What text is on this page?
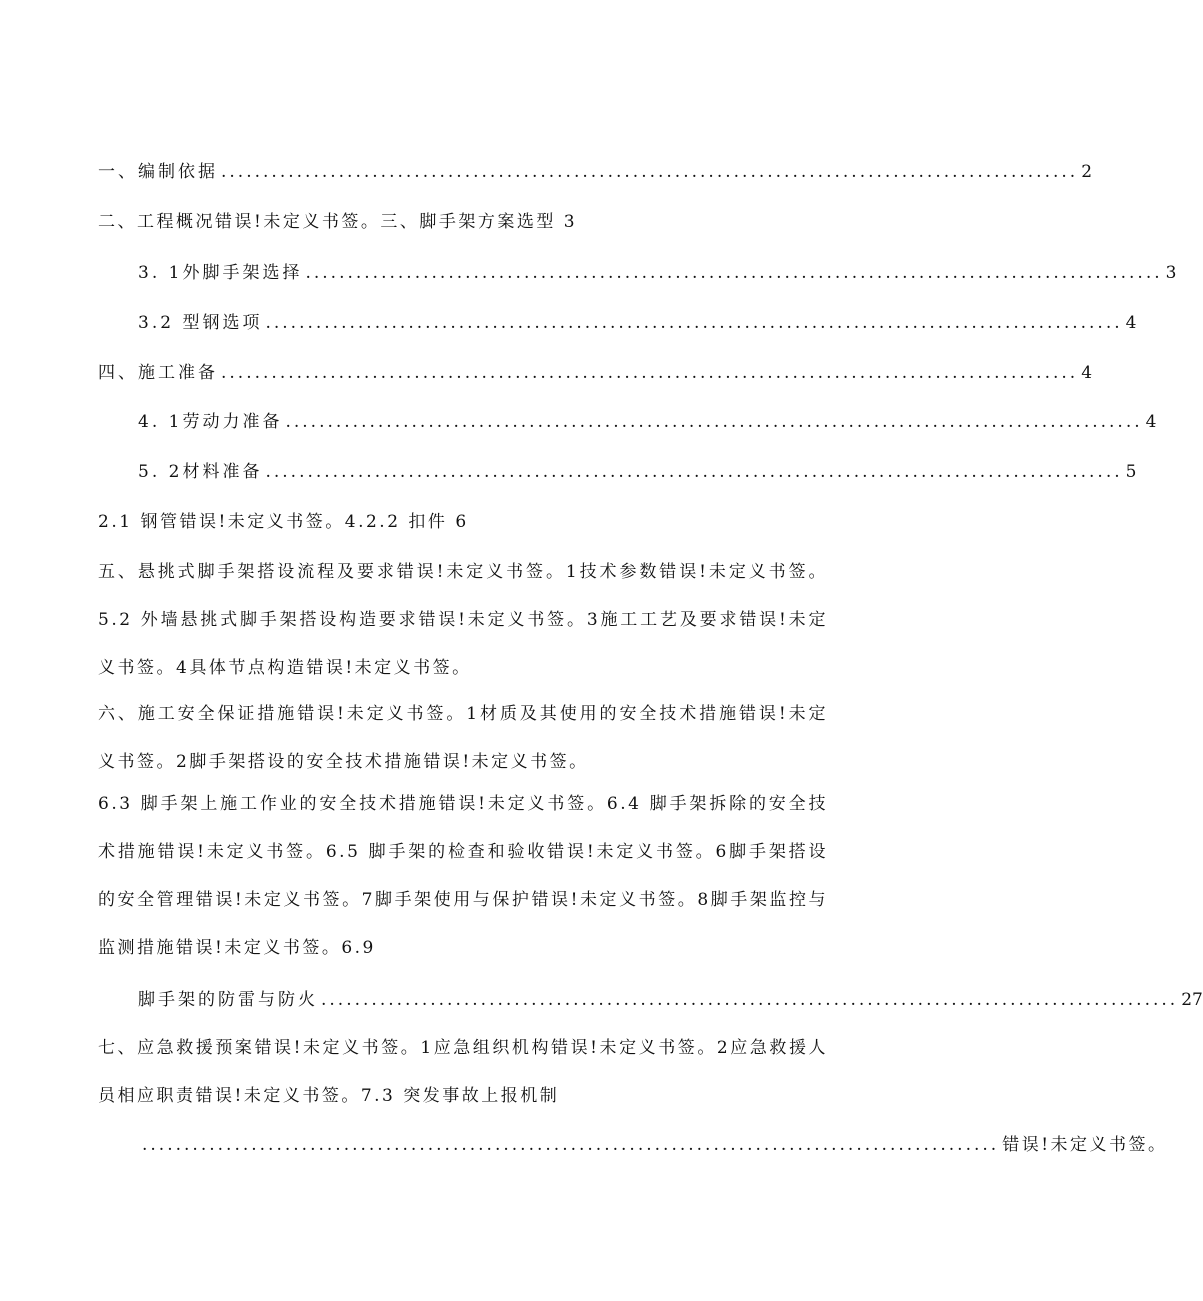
一、编制依据 ...................................................................................................... 2
二、工程概况错误!未定义书签。三、脚手架方案选型 3
3. 1外脚手架选择 ...................................................................................................... 3
3.2 型钢选项 ...................................................................................................... 4
四、施工准备 ...................................................................................................... 4
4. 1劳动力准备 ...................................................................................................... 4
5. 2材料准备 ...................................................................................................... 5
2.1 钢管错误!未定义书签。4.2.2 扣件 6
五、悬挑式脚手架搭设流程及要求错误!未定义书签。1技术参数错误!未定义书签。5.2 外墙悬挑式脚手架搭设构造要求错误!未定义书签。3施工工艺及要求错误!未定义书签。4具体节点构造错误!未定义书签。
六、施工安全保证措施错误!未定义书签。1材质及其使用的安全技术措施错误!未定义书签。2脚手架搭设的安全技术措施错误!未定义书签。
6.3 脚手架上施工作业的安全技术措施错误!未定义书签。6.4 脚手架拆除的安全技术措施错误!未定义书签。6.5 脚手架的检查和验收错误!未定义书签。6脚手架搭设的安全管理错误!未定义书签。7脚手架使用与保护错误!未定义书签。8脚手架监控与监测措施错误!未定义书签。6.9
脚手架的防雷与防火 ...................................................................................................... 27
七、应急救援预案错误!未定义书签。1应急组织机构错误!未定义书签。2应急救援人员相应职责错误!未定义书签。7.3 突发事故上报机制
...................................................................................................... 错误!未定义书签。
